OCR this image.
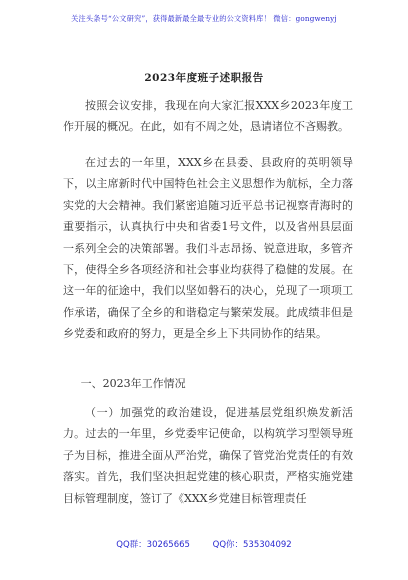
关注头条号“公文研究”，获得最新最全最专业的公文资料库！ 微信：gongwenyj
2023年度班子述职报告

按照会议安排，我现在向大家汇报XXX乡2023年度工作开展的概况。在此，如有不周之处，恳请诸位不吝赐教。

在过去的一年里，XXX乡在县委、县政府的英明领导下，以主席新时代中国特色社会主义思想作为航标，全力落实党的大会精神。我们紧密追随习近平总书记视察青海时的重要指示，认真执行中央和省委1号文件，以及省州县层面一系列全会的决策部署。我们斗志昂扬、锐意进取，多管齐下，使得全乡各项经济和社会事业均获得了稳健的发展。在这一年的征途中，我们以坚如磐石的决心，兑现了一项项工作承诺，确保了全乡的和谐稳定与繁荣发展。此成绩非但是乡党委和政府的努力，更是全乡上下共同协作的结果。

一、2023年工作情况

（一）加强党的政治建设，促进基层党组织焕发新活力。过去的一年里，乡党委牢记使命，以构筑学习型领导班子为目标，推进全面从严治党，确保了管党治党责任的有效落实。首先，我们坚决担起党建的核心职责，严格实施党建目标管理制度，签订了《XXX乡党建目标管理责任

QQ群：30265665	QQ你：535304092
